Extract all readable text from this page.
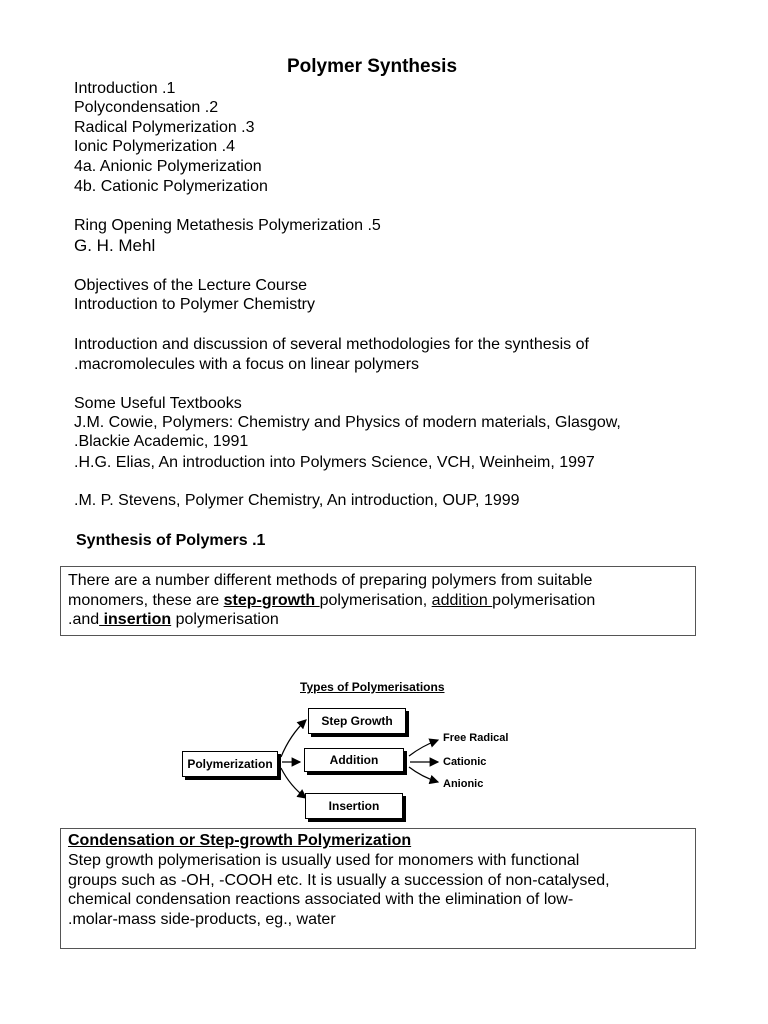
Polymer Synthesis
Introduction .1
Polycondensation .2
Radical Polymerization .3
Ionic Polymerization .4
4a. Anionic Polymerization
4b. Cationic Polymerization
Ring Opening Metathesis Polymerization .5
G. H. Mehl
Objectives of the Lecture Course
Introduction to Polymer Chemistry
Introduction and discussion of several methodologies for the synthesis of
.macromolecules with a focus on linear polymers
Some Useful Textbooks
J.M. Cowie, Polymers: Chemistry and Physics of modern materials, Glasgow,
.Blackie Academic, 1991
.H.G. Elias, An introduction into Polymers Science, VCH, Weinheim, 1997
.M. P. Stevens, Polymer Chemistry, An introduction, OUP, 1999
Synthesis of Polymers .1
There are a number different methods of preparing polymers from suitable
monomers, these are step-growth polymerisation, addition polymerisation
.and insertion polymerisation
Types of Polymerisations
Polymerization
Step Growth
Addition
Insertion
Free Radical
Cationic
Anionic
Condensation or Step-growth Polymerization
Step growth polymerisation is usually used for monomers with functional
groups such as -OH, -COOH etc. It is usually a succession of non-catalysed,
chemical condensation reactions associated with the elimination of low-
.molar-mass side-products, eg., water
